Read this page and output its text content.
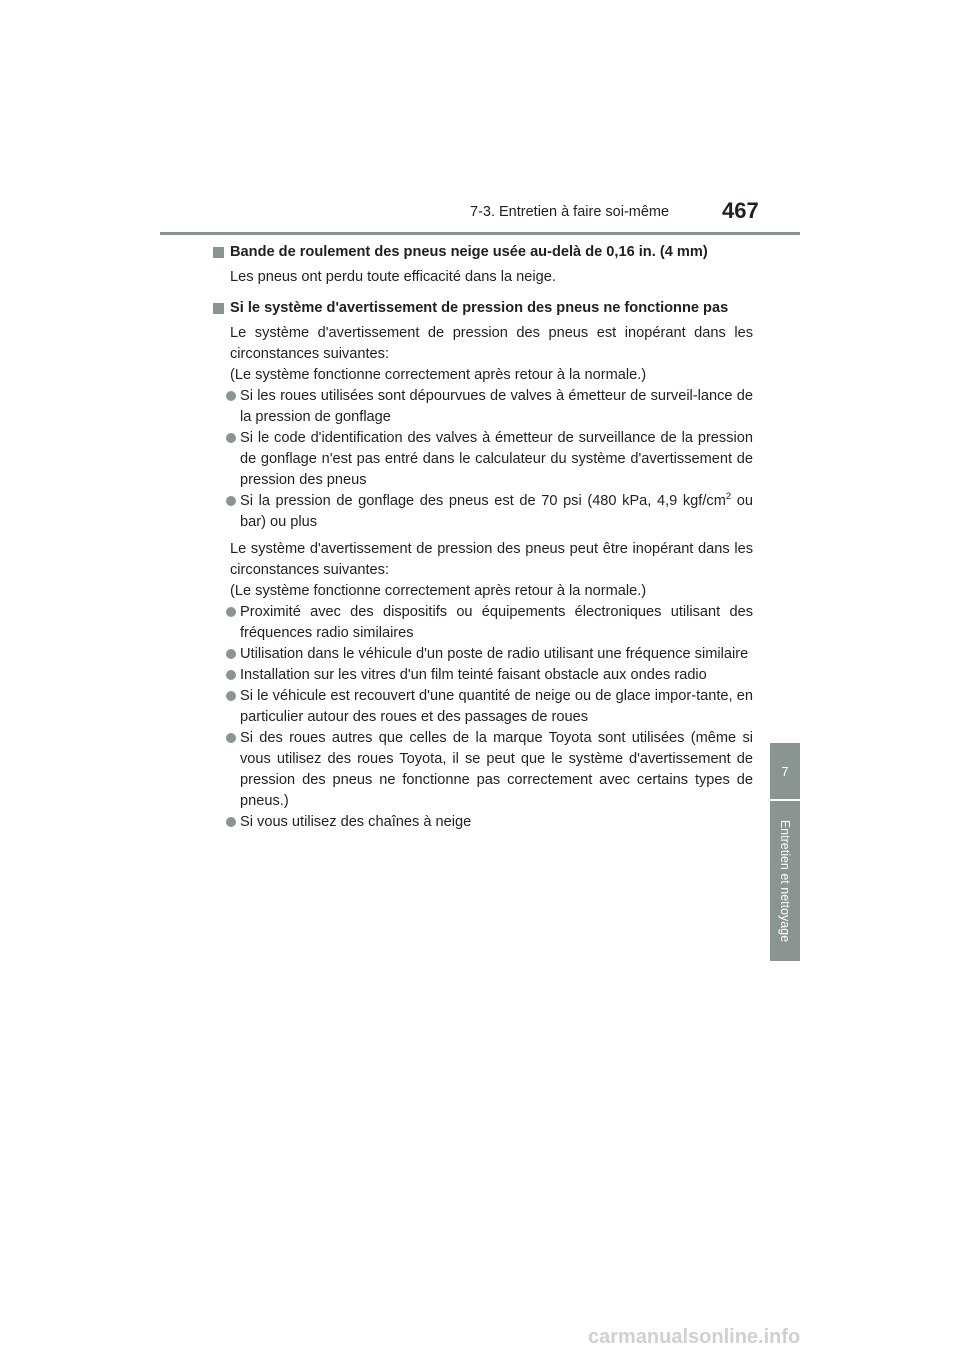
7-3. Entretien à faire soi-même 467
7
Entretien et nettoyage

Bande de roulement des pneus neige usée au-delà de 0,16 in. (4 mm)

Les pneus ont perdu toute efficacité dans la neige.

Si le système d'avertissement de pression des pneus ne fonctionne pas

Le système d'avertissement de pression des pneus est inopérant dans les circonstances suivantes:
(Le système fonctionne correctement après retour à la normale.)

Si les roues utilisées sont dépourvues de valves à émetteur de surveil-lance de la pression de gonflage

Si le code d'identification des valves à émetteur de surveillance de la pression de gonflage n'est pas entré dans le calculateur du système d'avertissement de pression des pneus

Si la pression de gonflage des pneus est de 70 psi (480 kPa, 4,9 kgf/$cm^2$ ou bar) ou plus

Le système d'avertissement de pression des pneus peut être inopérant dans les circonstances suivantes:
(Le système fonctionne correctement après retour à la normale.)

Proximité avec des dispositifs ou équipements électroniques utilisant des fréquences radio similaires

Utilisation dans le véhicule d'un poste de radio utilisant une fréquence similaire

Installation sur les vitres d'un film teinté faisant obstacle aux ondes radio

Si le véhicule est recouvert d'une quantité de neige ou de glace impor-tante, en particulier autour des roues et des passages de roues

Si des roues autres que celles de la marque Toyota sont utilisées (même si vous utilisez des roues Toyota, il se peut que le système d'avertissement de pression des pneus ne fonctionne pas correctement avec certains types de pneus.)

Si vous utilisez des chaînes à neige

carmanualsonline.info
